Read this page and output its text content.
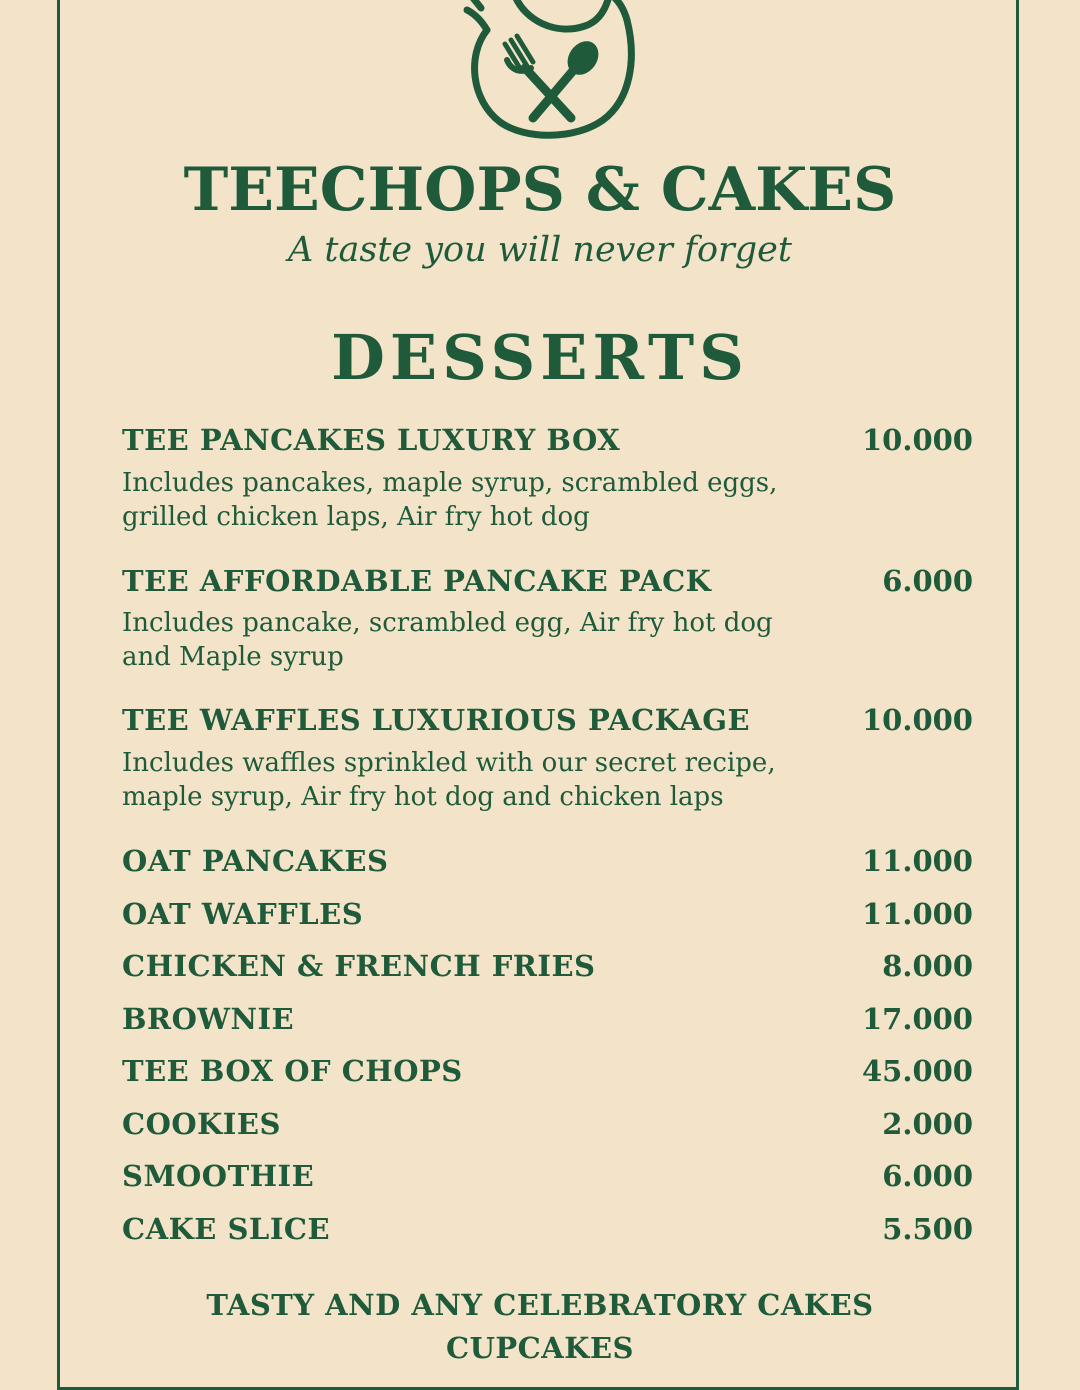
TEECHOPS & CAKES
A taste you will never forget
DESSERTS
TEE PANCAKES LUXURY BOX	10.000
Includes pancakes, maple syrup, scrambled eggs, grilled chicken laps, Air fry hot dog
TEE AFFORDABLE PANCAKE PACK	6.000
Includes pancake, scrambled egg, Air fry hot dog and Maple syrup
TEE WAFFLES LUXURIOUS PACKAGE	10.000
Includes waffles sprinkled with our secret recipe, maple syrup, Air fry hot dog and chicken laps
OAT PANCAKES	11.000
OAT WAFFLES	11.000
CHICKEN & FRENCH FRIES	8.000
BROWNIE	17.000
TEE BOX OF CHOPS	45.000
COOKIES	2.000
SMOOTHIE	6.000
CAKE SLICE	5.500
TASTY AND ANY CELEBRATORY CAKES
CUPCAKES
